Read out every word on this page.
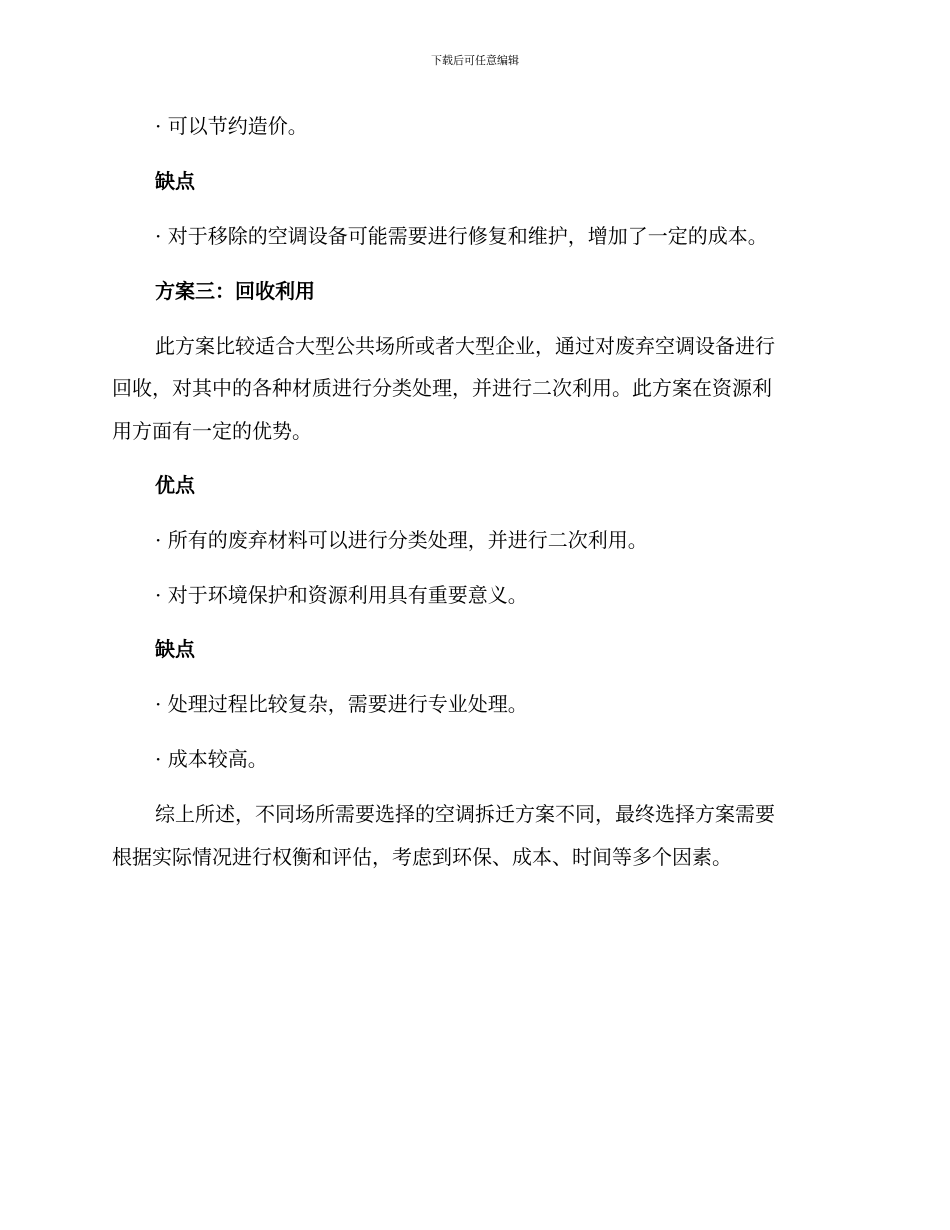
下载后可任意编辑
· 可以节约造价。
缺点
· 对于移除的空调设备可能需要进行修复和维护，增加了一定的成本。
方案三：回收利用
此方案比较适合大型公共场所或者大型企业，通过对废弃空调设备进行
回收，对其中的各种材质进行分类处理，并进行二次利用。此方案在资源利
用方面有一定的优势。
优点
· 所有的废弃材料可以进行分类处理，并进行二次利用。
· 对于环境保护和资源利用具有重要意义。
缺点
· 处理过程比较复杂，需要进行专业处理。
· 成本较高。
综上所述，不同场所需要选择的空调拆迁方案不同，最终选择方案需要
根据实际情况进行权衡和评估，考虑到环保、成本、时间等多个因素。
